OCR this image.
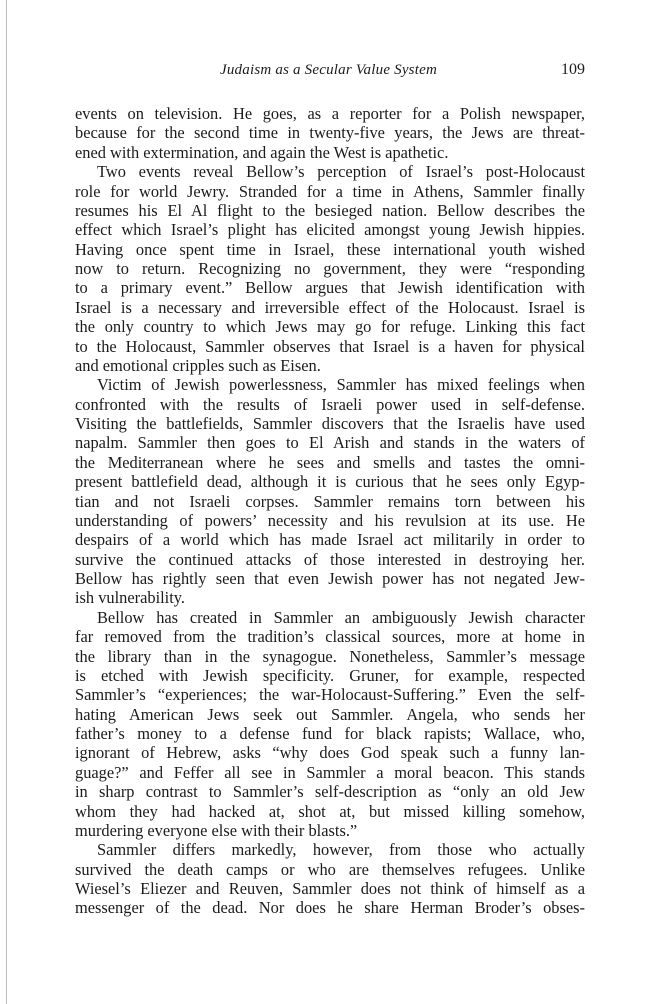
Judaism as a Secular Value System	109
events on television. He goes, as a reporter for a Polish newspaper,
because for the second time in twenty-five years, the Jews are threat-
ened with extermination, and again the West is apathetic.
Two events reveal Bellow’s perception of Israel’s post-Holocaust
role for world Jewry. Stranded for a time in Athens, Sammler finally
resumes his El Al flight to the besieged nation. Bellow describes the
effect which Israel’s plight has elicited amongst young Jewish hippies.
Having once spent time in Israel, these international youth wished
now to return. Recognizing no government, they were “responding
to a primary event.” Bellow argues that Jewish identification with
Israel is a necessary and irreversible effect of the Holocaust. Israel is
the only country to which Jews may go for refuge. Linking this fact
to the Holocaust, Sammler observes that Israel is a haven for physical
and emotional cripples such as Eisen.
Victim of Jewish powerlessness, Sammler has mixed feelings when
confronted with the results of Israeli power used in self-defense.
Visiting the battlefields, Sammler discovers that the Israelis have used
napalm. Sammler then goes to El Arish and stands in the waters of
the Mediterranean where he sees and smells and tastes the omni-
present battlefield dead, although it is curious that he sees only Egyp-
tian and not Israeli corpses. Sammler remains torn between his
understanding of powers’ necessity and his revulsion at its use. He
despairs of a world which has made Israel act militarily in order to
survive the continued attacks of those interested in destroying her.
Bellow has rightly seen that even Jewish power has not negated Jew-
ish vulnerability.
Bellow has created in Sammler an ambiguously Jewish character
far removed from the tradition’s classical sources, more at home in
the library than in the synagogue. Nonetheless, Sammler’s message
is etched with Jewish specificity. Gruner, for example, respected
Sammler’s “experiences; the war-Holocaust-Suffering.” Even the self-
hating American Jews seek out Sammler. Angela, who sends her
father’s money to a defense fund for black rapists; Wallace, who,
ignorant of Hebrew, asks “why does God speak such a funny lan-
guage?” and Feffer all see in Sammler a moral beacon. This stands
in sharp contrast to Sammler’s self-description as “only an old Jew
whom they had hacked at, shot at, but missed killing somehow,
murdering everyone else with their blasts.”
Sammler differs markedly, however, from those who actually
survived the death camps or who are themselves refugees. Unlike
Wiesel’s Eliezer and Reuven, Sammler does not think of himself as a
messenger of the dead. Nor does he share Herman Broder’s obses-
